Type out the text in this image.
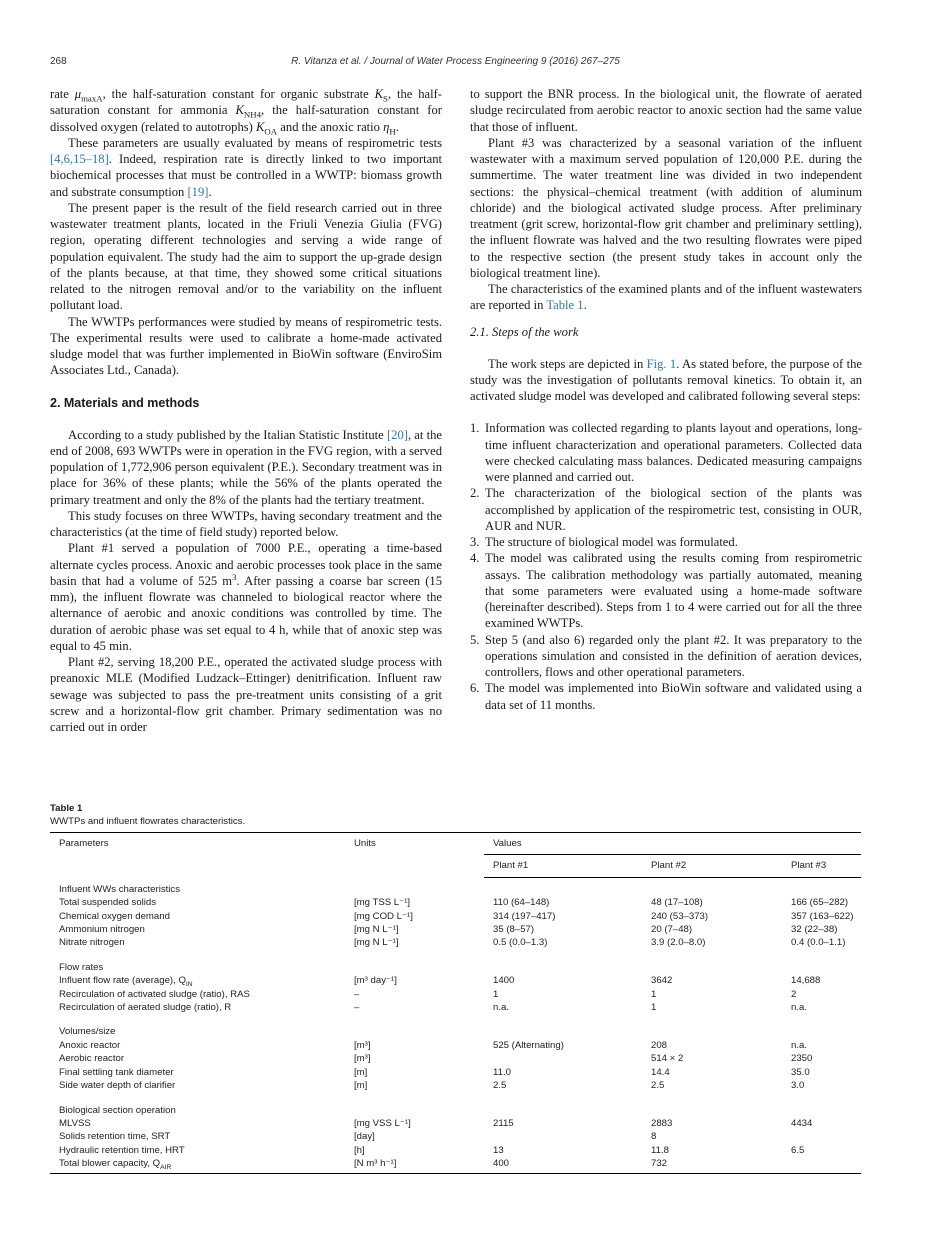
268	R. Vitanza et al. / Journal of Water Process Engineering 9 (2016) 267–275

rate $\mu_{maxA}$, the half-saturation constant for organic substrate $K_S$, the half-saturation constant for ammonia $K_{NH4}$, the half-saturation constant for dissolved oxygen (related to autotrophs) $K_{OA}$ and the anoxic ratio $\eta_H$.

These parameters are usually evaluated by means of respirometric tests [4,6,15–18]. Indeed, respiration rate is directly linked to two important biochemical processes that must be controlled in a WWTP: biomass growth and substrate consumption [19].

The present paper is the result of the field research carried out in three wastewater treatment plants, located in the Friuli Venezia Giulia (FVG) region, operating different technologies and serving a wide range of population equivalent. The study had the aim to support the up-grade design of the plants because, at that time, they showed some critical situations related to the nitrogen removal and/or to the variability on the influent pollutant load.

The WWTPs performances were studied by means of respirometric tests. The experimental results were used to calibrate a home-made activated sludge model that was further implemented in BioWin software (EnviroSim Associates Ltd., Canada).

2. Materials and methods

According to a study published by the Italian Statistic Institute [20], at the end of 2008, 693 WWTPs were in operation in the FVG region, with a served population of 1,772,906 person equivalent (P.E.). Secondary treatment was in place for 36% of these plants; while the 56% of the plants operated the primary treatment and only the 8% of the plants had the tertiary treatment.

This study focuses on three WWTPs, having secondary treatment and the characteristics (at the time of field study) reported below.

Plant #1 served a population of 7000 P.E., operating a time-based alternate cycles process. Anoxic and aerobic processes took place in the same basin that had a volume of 525 $m^3$. After passing a coarse bar screen (15 mm), the influent flowrate was channeled to biological reactor where the alternance of aerobic and anoxic conditions was controlled by time. The duration of aerobic phase was set equal to 4 h, while that of anoxic step was equal to 45 min.

Plant #2, serving 18,200 P.E., operated the activated sludge process with preanoxic MLE (Modified Ludzack–Ettinger) denitrification. Influent raw sewage was subjected to pass the pre-treatment units consisting of a grit screw and a horizontal-flow grit chamber. Primary sedimentation was no carried out in order

to support the BNR process. In the biological unit, the flowrate of aerated sludge recirculated from aerobic reactor to anoxic section had the same value that those of influent.

Plant #3 was characterized by a seasonal variation of the influent wastewater with a maximum served population of 120,000 P.E. during the summertime. The water treatment line was divided in two independent sections: the physical–chemical treatment (with addition of aluminum chloride) and the biological activated sludge process. After preliminary treatment (grit screw, horizontal-flow grit chamber and preliminary settling), the influent flowrate was halved and the two resulting flowrates were piped to the respective section (the present study takes in account only the biological treatment line).

The characteristics of the examined plants and of the influent wastewaters are reported in Table 1.

2.1. Steps of the work

The work steps are depicted in Fig. 1. As stated before, the purpose of the study was the investigation of pollutants removal kinetics. To obtain it, an activated sludge model was developed and calibrated following several steps:

1. Information was collected regarding to plants layout and operations, long-time influent characterization and operational parameters. Collected data were checked calculating mass balances. Dedicated measuring campaigns were planned and carried out.
2. The characterization of the biological section of the plants was accomplished by application of the respirometric test, consisting in OUR, AUR and NUR.
3. The structure of biological model was formulated.
4. The model was calibrated using the results coming from respirometric assays. The calibration methodology was partially automated, meaning that some parameters were evaluated using a home-made software (hereinafter described). Steps from 1 to 4 were carried out for all the three examined WWTPs.
5. Step 5 (and also 6) regarded only the plant #2. It was preparatory to the operations simulation and consisted in the definition of aeration devices, controllers, flows and other operational parameters.
6. The model was implemented into BioWin software and validated using a data set of 11 months.
Table 1
WWTPs and influent flowrates characteristics.
Parameters	Units	Values		
		Plant #1	Plant #2	Plant #3

Influent WWs characteristics				
Total suspended solids	[mg TSS L⁻¹]	110 (64–148)	48 (17–108)	166 (65–282)
Chemical oxygen demand	[mg COD L⁻¹]	314 (197–417)	240 (53–373)	357 (163–622)
Ammonium nitrogen	[mg N L⁻¹]	35 (8–57)	20 (7–48)	32 (22–38)
Nitrate nitrogen	[mg N L⁻¹]	0.5 (0.0–1.3)	3.9 (2.0–8.0)	0.4 (0.0–1.1)

Flow rates				
Influent flow rate (average), $Q_{IN}$	[m³ day⁻¹]	1400	3642	14,688
Recirculation of activated sludge (ratio), RAS	–	1	1	2
Recirculation of aerated sludge (ratio), R	–	n.a.	1	n.a.

Volumes/size				
Anoxic reactor	[m³]	525 (Alternating)	208	n.a.
Aerobic reactor	[m³]		514 × 2	2350
Final settling tank diameter	[m]	11.0	14.4	35.0
Side water depth of clarifier	[m]	2.5	2.5	3.0

Biological section operation				
MLVSS	[mg VSS L⁻¹]	2115	2883	4434
Solids retention time, SRT	[day]		8	
Hydraulic retention time, HRT	[h]	13	11.8	6.5
Total blower capacity, $Q_{AIR}$	[N m³ h⁻¹]	400	732	
